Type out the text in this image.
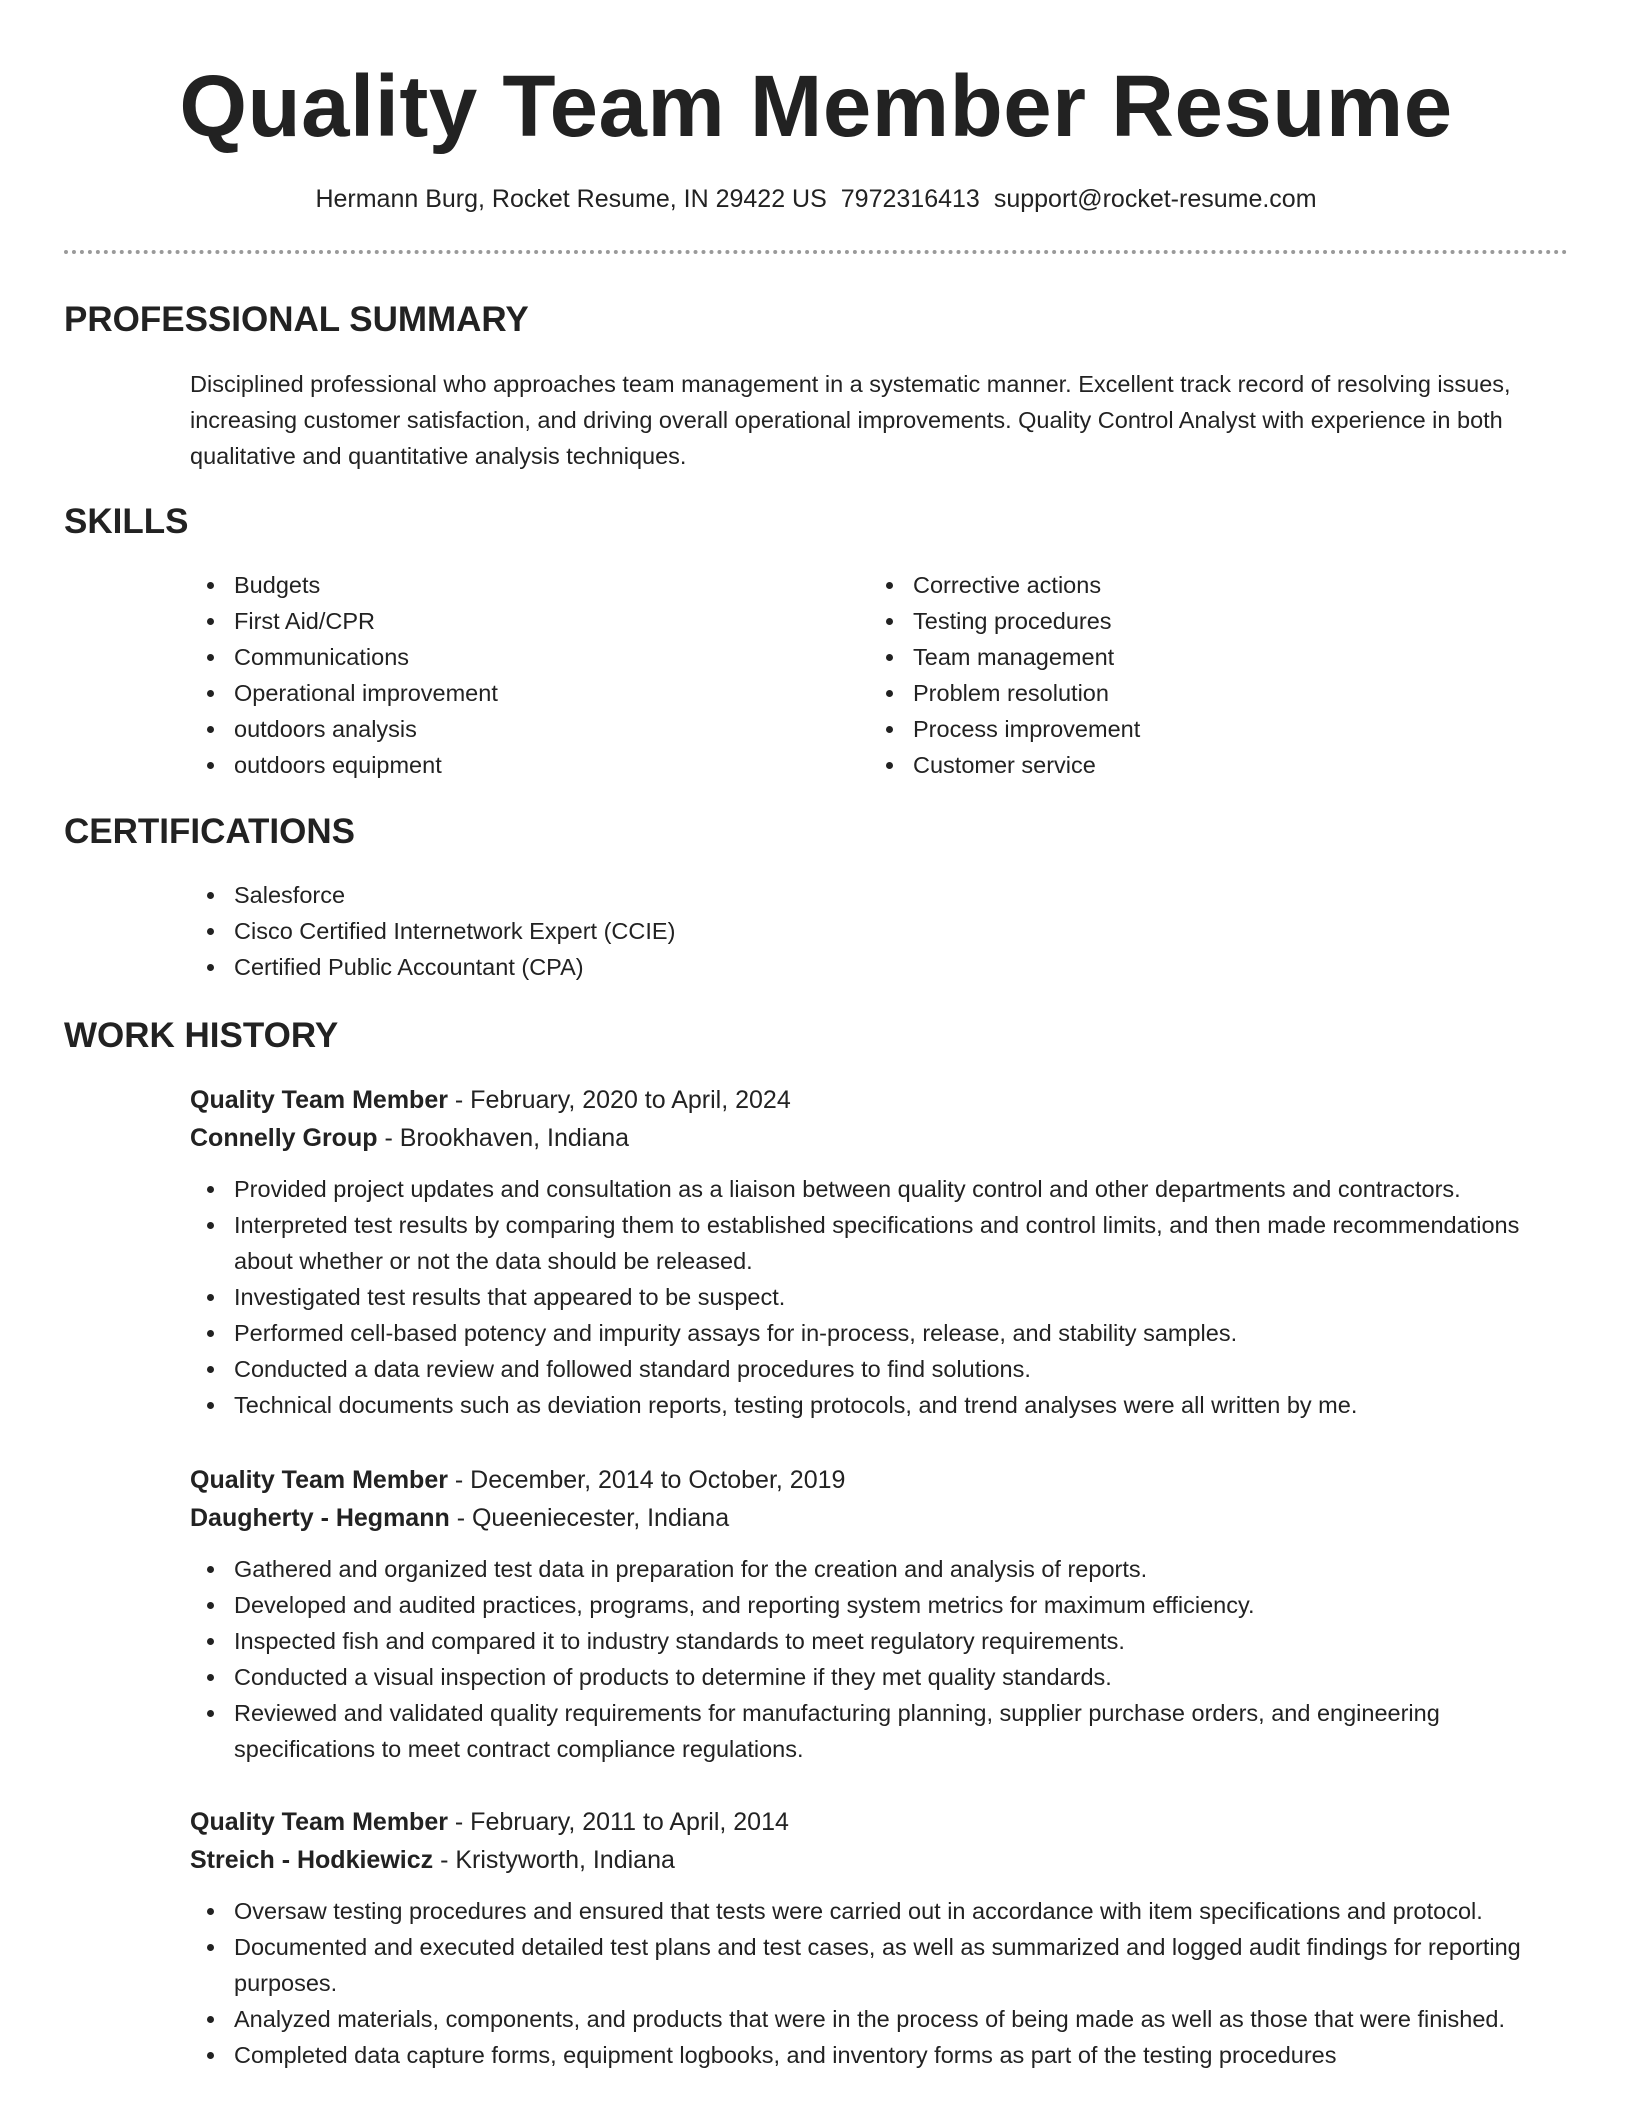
Quality Team Member Resume
Hermann Burg, Rocket Resume, IN 29422 US 7972316413 support@rocket-resume.com
PROFESSIONAL SUMMARY

Disciplined professional who approaches team management in a systematic manner. Excellent track record of resolving issues, increasing customer satisfaction, and driving overall operational improvements. Quality Control Analyst with experience in both qualitative and quantitative analysis techniques.

SKILLS
Budgets
First Aid/CPR
Communications
Operational improvement
outdoors analysis
outdoors equipment
Corrective actions
Testing procedures
Team management
Problem resolution
Process improvement
Customer service
CERTIFICATIONS
Salesforce
Cisco Certified Internetwork Expert (CCIE)
Certified Public Accountant (CPA)
WORK HISTORY
Quality Team Member - February, 2020 to April, 2024
Connelly Group - Brookhaven, Indiana
Provided project updates and consultation as a liaison between quality control and other departments and contractors.
Interpreted test results by comparing them to established specifications and control limits, and then made recommendations about whether or not the data should be released.
Investigated test results that appeared to be suspect.
Performed cell-based potency and impurity assays for in-process, release, and stability samples.
Conducted a data review and followed standard procedures to find solutions.
Technical documents such as deviation reports, testing protocols, and trend analyses were all written by me.
Quality Team Member - December, 2014 to October, 2019
Daugherty - Hegmann - Queeniecester, Indiana
Gathered and organized test data in preparation for the creation and analysis of reports.
Developed and audited practices, programs, and reporting system metrics for maximum efficiency.
Inspected fish and compared it to industry standards to meet regulatory requirements.
Conducted a visual inspection of products to determine if they met quality standards.
Reviewed and validated quality requirements for manufacturing planning, supplier purchase orders, and engineering specifications to meet contract compliance regulations.
Quality Team Member - February, 2011 to April, 2014
Streich - Hodkiewicz - Kristyworth, Indiana
Oversaw testing procedures and ensured that tests were carried out in accordance with item specifications and protocol.
Documented and executed detailed test plans and test cases, as well as summarized and logged audit findings for reporting purposes.
Analyzed materials, components, and products that were in the process of being made as well as those that were finished.
Completed data capture forms, equipment logbooks, and inventory forms as part of the testing procedures
